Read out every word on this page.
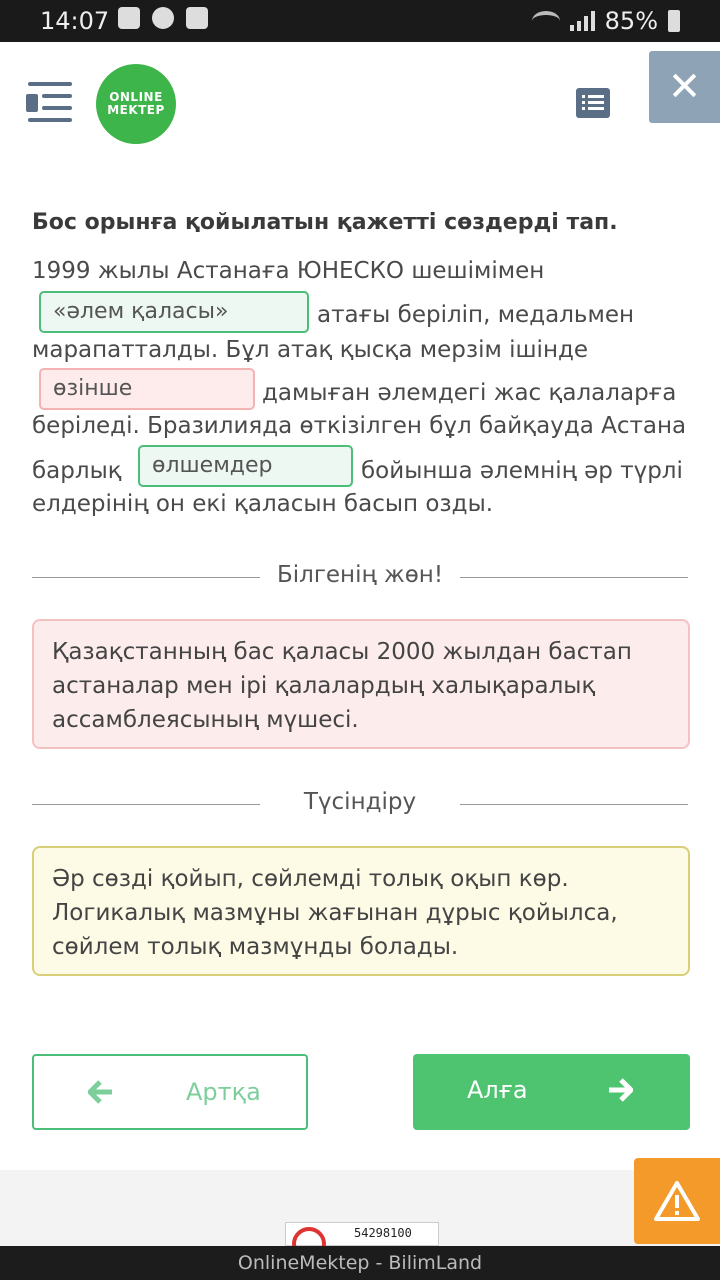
14:07	85%
ONLINE
MEKTEP	✕
Бос орынға қойылатын қажетті сөздерді тап.
1999 жылы Астанаға ЮНЕСКО шешімімен
«әлем қаласы»	атағы беріліп, медальмен
марапатталды. Бұл атақ қысқа мерзім ішінде
өзінше	дамыған әлемдегі жас қалаларға
беріледі. Бразилияда өткізілген бұл байқауда Астана
барлық	өлшемдер	бойынша әлемнің әр түрлі
елдерінің он екі қаласын басып озды.
Білгенің жөн!
Қазақстанның бас қаласы 2000 жылдан бастап астаналар мен ірі қалалардың халықаралық ассамблеясының мүшесі.
Түсіндіру
Әр сөзді қойып, сөйлемді толық оқып көр. Логикалық мазмұны жағынан дұрыс қойылса, сөйлем толық мазмұнды болады.
Артқа	Алға
54298100
OnlineMektep - BilimLand
